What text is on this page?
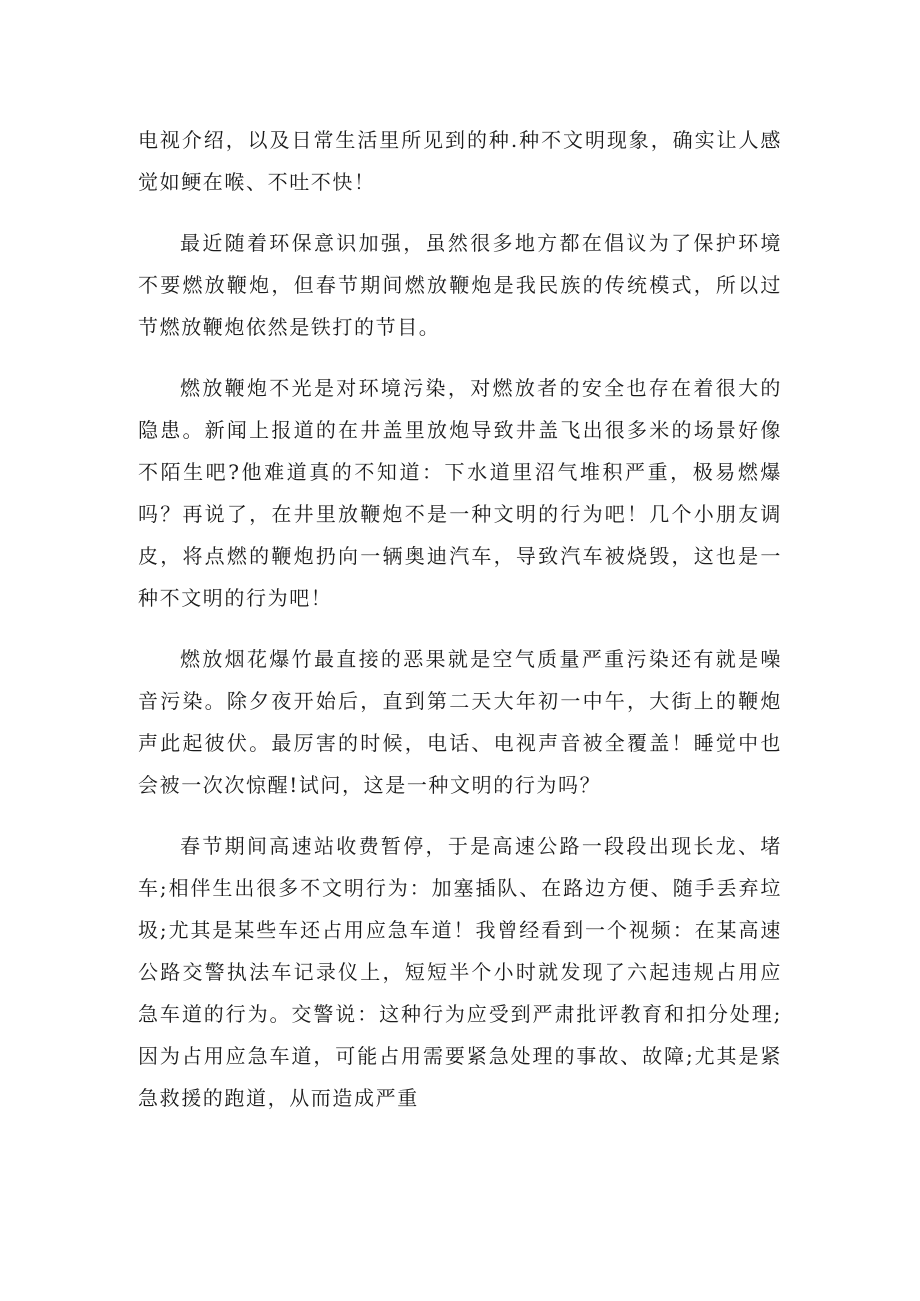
电视介绍，以及日常生活里所见到的种.种不文明现象，确实让人感觉如鲠在喉、不吐不快！

最近随着环保意识加强，虽然很多地方都在倡议为了保护环境不要燃放鞭炮，但春节期间燃放鞭炮是我民族的传统模式，所以过节燃放鞭炮依然是铁打的节目。

燃放鞭炮不光是对环境污染，对燃放者的安全也存在着很大的隐患。新闻上报道的在井盖里放炮导致井盖飞出很多米的场景好像不陌生吧?他难道真的不知道：下水道里沼气堆积严重，极易燃爆吗？再说了，在井里放鞭炮不是一种文明的行为吧！几个小朋友调皮，将点燃的鞭炮扔向一辆奥迪汽车，导致汽车被烧毁，这也是一种不文明的行为吧！

燃放烟花爆竹最直接的恶果就是空气质量严重污染还有就是噪音污染。除夕夜开始后，直到第二天大年初一中午，大街上的鞭炮声此起彼伏。最厉害的时候，电话、电视声音被全覆盖！睡觉中也会被一次次惊醒!试问，这是一种文明的行为吗？

春节期间高速站收费暂停，于是高速公路一段段出现长龙、堵车;相伴生出很多不文明行为：加塞插队、在路边方便、随手丢弃垃圾;尤其是某些车还占用应急车道！我曾经看到一个视频：在某高速公路交警执法车记录仪上，短短半个小时就发现了六起违规占用应急车道的行为。交警说：这种行为应受到严肃批评教育和扣分处理;因为占用应急车道，可能占用需要紧急处理的事故、故障;尤其是紧急救援的跑道，从而造成严重
